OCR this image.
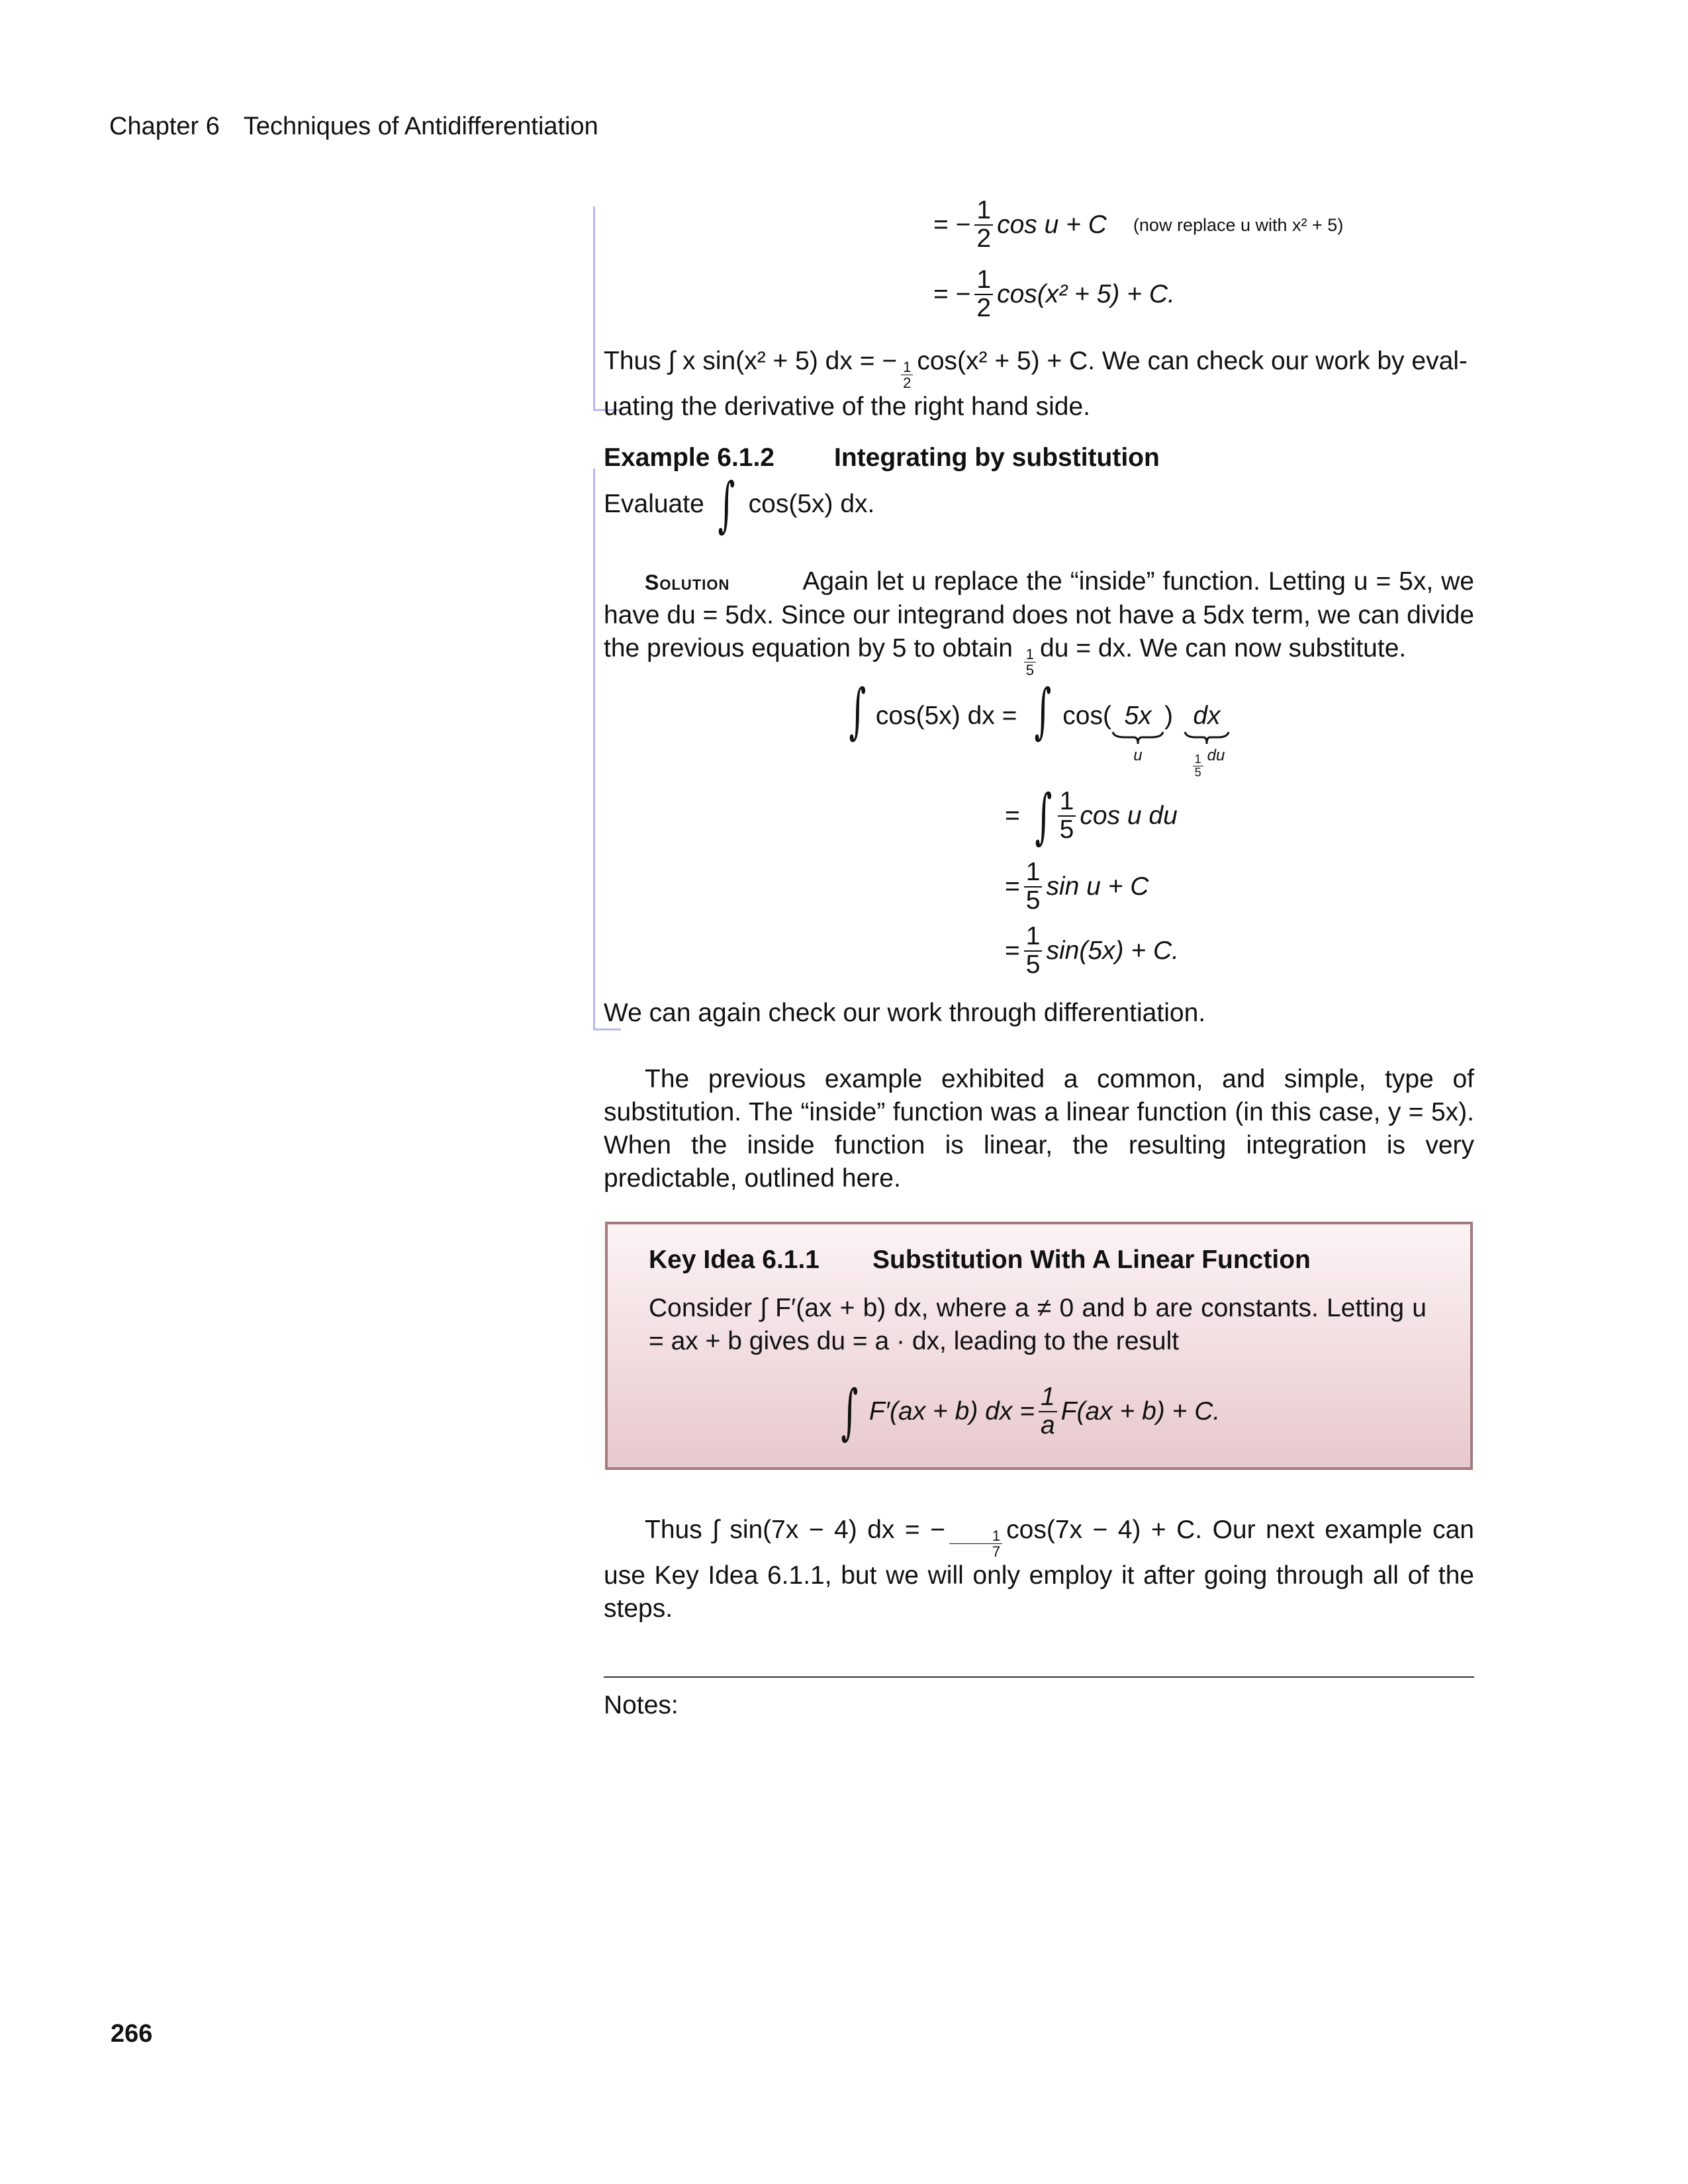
Chapter 6 Techniques of Antidifferentiation
= − $\frac{1}{2}$ cos u + C (now replace u with x² + 5)
= − $\frac{1}{2} \cos(x^2 + 5) + C$.
Thus ∫ x sin(x² + 5) dx = − $\frac{1}{2} \cos(x^2 + 5) + C$. We can check our work by eval-
uating the derivative of the right hand side.
Example 6.1.2 Integrating by substitution
Evaluate ∫ cos(5x) dx.
Solution	Again let u replace the “inside” function. Letting u = 5x, we have du = 5dx. Since our integrand does not have a 5dx term, we can divide the previous equation by 5 to obtain $\frac{1}{5}$ du = dx. We can now substitute.
∫ cos(5x) dx = ∫ cos( 5x
u
) dx
$\frac{1}{5}$ du
= ∫ $\frac{1}{5}$ cos u du
= $\frac{1}{5}$ sin u + C
= $\frac{1}{5} \sin(5x) + C$.
We can again check our work through differentiation.
The previous example exhibited a common, and simple, type of substitution. The “inside” function was a linear function (in this case, y = 5x). When the inside function is linear, the resulting integration is very predictable, outlined here.
Key Idea 6.1.1 Substitution With A Linear Function
Consider ∫ F′(ax + b) dx, where a ≠ 0 and b are constants. Letting u = ax + b gives du = a · dx, leading to the result
∫ F′(ax + b) dx = $\frac{1}{a} F(ax + b) + C$.
Thus ∫ sin(7x − 4) dx = − $\frac{1}{7} \cos(7x - 4) + C$. Our next example can use Key Idea 6.1.1, but we will only employ it after going through all of the steps.
Notes:
266
